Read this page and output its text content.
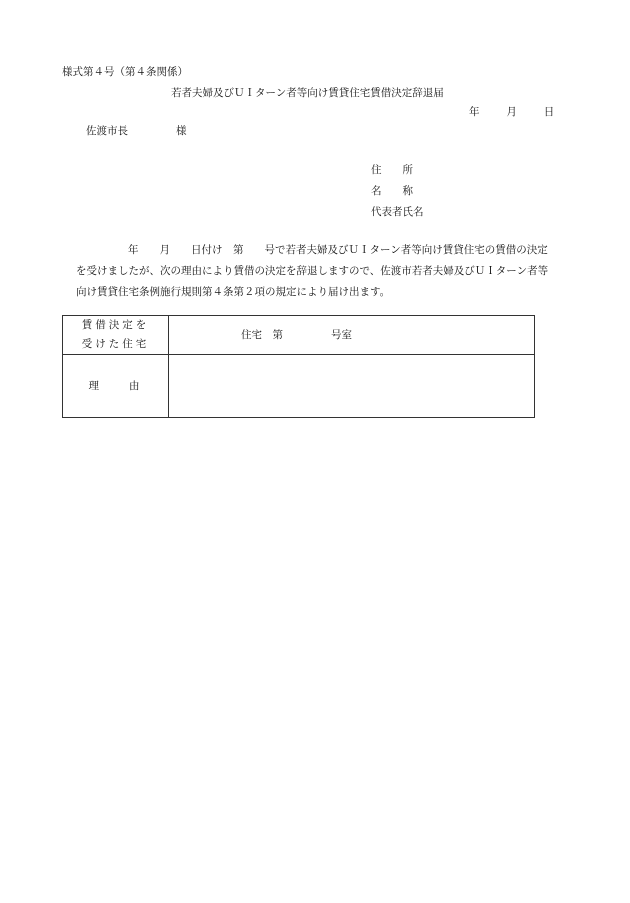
様式第４号（第４条関係）
若者夫婦及びＵＩターン者等向け賃貸住宅賃借決定辞退届
年	月	日
佐渡市長	様
住　　所
名　　称
代表者氏名

年　　月　　日付け　第　　号で若者夫婦及びＵＩターン者等向け賃貸住宅の賃借の決定

を受けましたが、次の理由により賃借の決定を辞退しますので、佐渡市若者夫婦及びＵＩターン者等

向け賃貸住宅条例施行規則第４条第２項の規定により届け出ます。

賃借決定を
受けた住宅	住宅　第 号室
理　　由	
